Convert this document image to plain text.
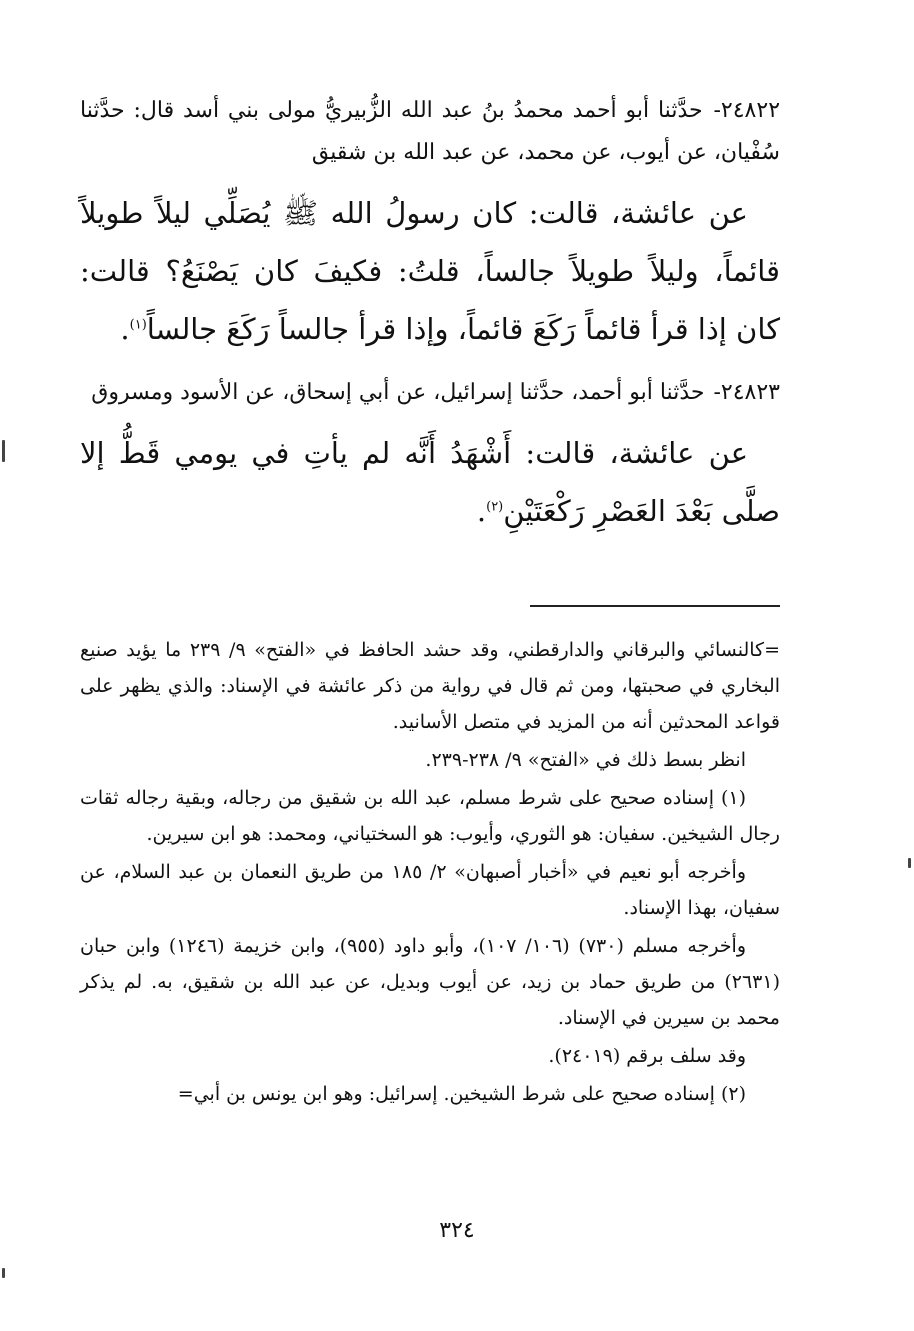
٢٤٨٢٢- حدَّثنا أبو أحمد محمدُ بنُ عبد الله الزُّبيريُّ مولى بني أسد قال: حدَّثنا سُفْيان، عن أيوب، عن محمد، عن عبد الله بن شقيق

عن عائشة، قالت: كان رسولُ الله ﷺ يُصَلِّي ليلاً طويلاً قائماً، وليلاً طويلاً جالساً، قلتُ: فكيفَ كان يَصْنَعُ؟ قالت: كان إذا قرأ قائماً رَكَعَ قائماً، وإذا قرأ جالساً رَكَعَ جالساً$^{(١)}$.

٢٤٨٢٣- حدَّثنا أبو أحمد، حدَّثنا إسرائيل، عن أبي إسحاق، عن الأسود ومسروق

عن عائشة، قالت: أَشْهَدُ أَنَّه لم يأتِ في يومي قَطُّ إلا صلَّى بَعْدَ العَصْرِ رَكْعَتَيْنِ$^{(٢)}$.

=كالنسائي والبرقاني والدارقطني، وقد حشد الحافظ في «الفتح» ٩/ ٢٣٩ ما يؤيد صنيع البخاري في صحبتها، ومن ثم قال في رواية من ذكر عائشة في الإسناد: والذي يظهر على قواعد المحدثين أنه من المزيد في متصل الأسانيد.

انظر بسط ذلك في «الفتح» ٩/ ٢٣٨-٢٣٩.

(١) إسناده صحيح على شرط مسلم، عبد الله بن شقيق من رجاله، وبقية رجاله ثقات رجال الشيخين. سفيان: هو الثوري، وأيوب: هو السختياني، ومحمد: هو ابن سيرين.

وأخرجه أبو نعيم في «أخبار أصبهان» ٢/ ١٨٥ من طريق النعمان بن عبد السلام، عن سفيان، بهذا الإسناد.

وأخرجه مسلم (٧٣٠) (١٠٦/ ١٠٧)، وأبو داود (٩٥٥)، وابن خزيمة (١٢٤٦) وابن حبان (٢٦٣١) من طريق حماد بن زيد، عن أيوب وبديل، عن عبد الله بن شقيق، به. لم يذكر محمد بن سيرين في الإسناد.

وقد سلف برقم (٢٤٠١٩).

(٢) إسناده صحيح على شرط الشيخين. إسرائيل: وهو ابن يونس بن أبي=

٣٢٤
